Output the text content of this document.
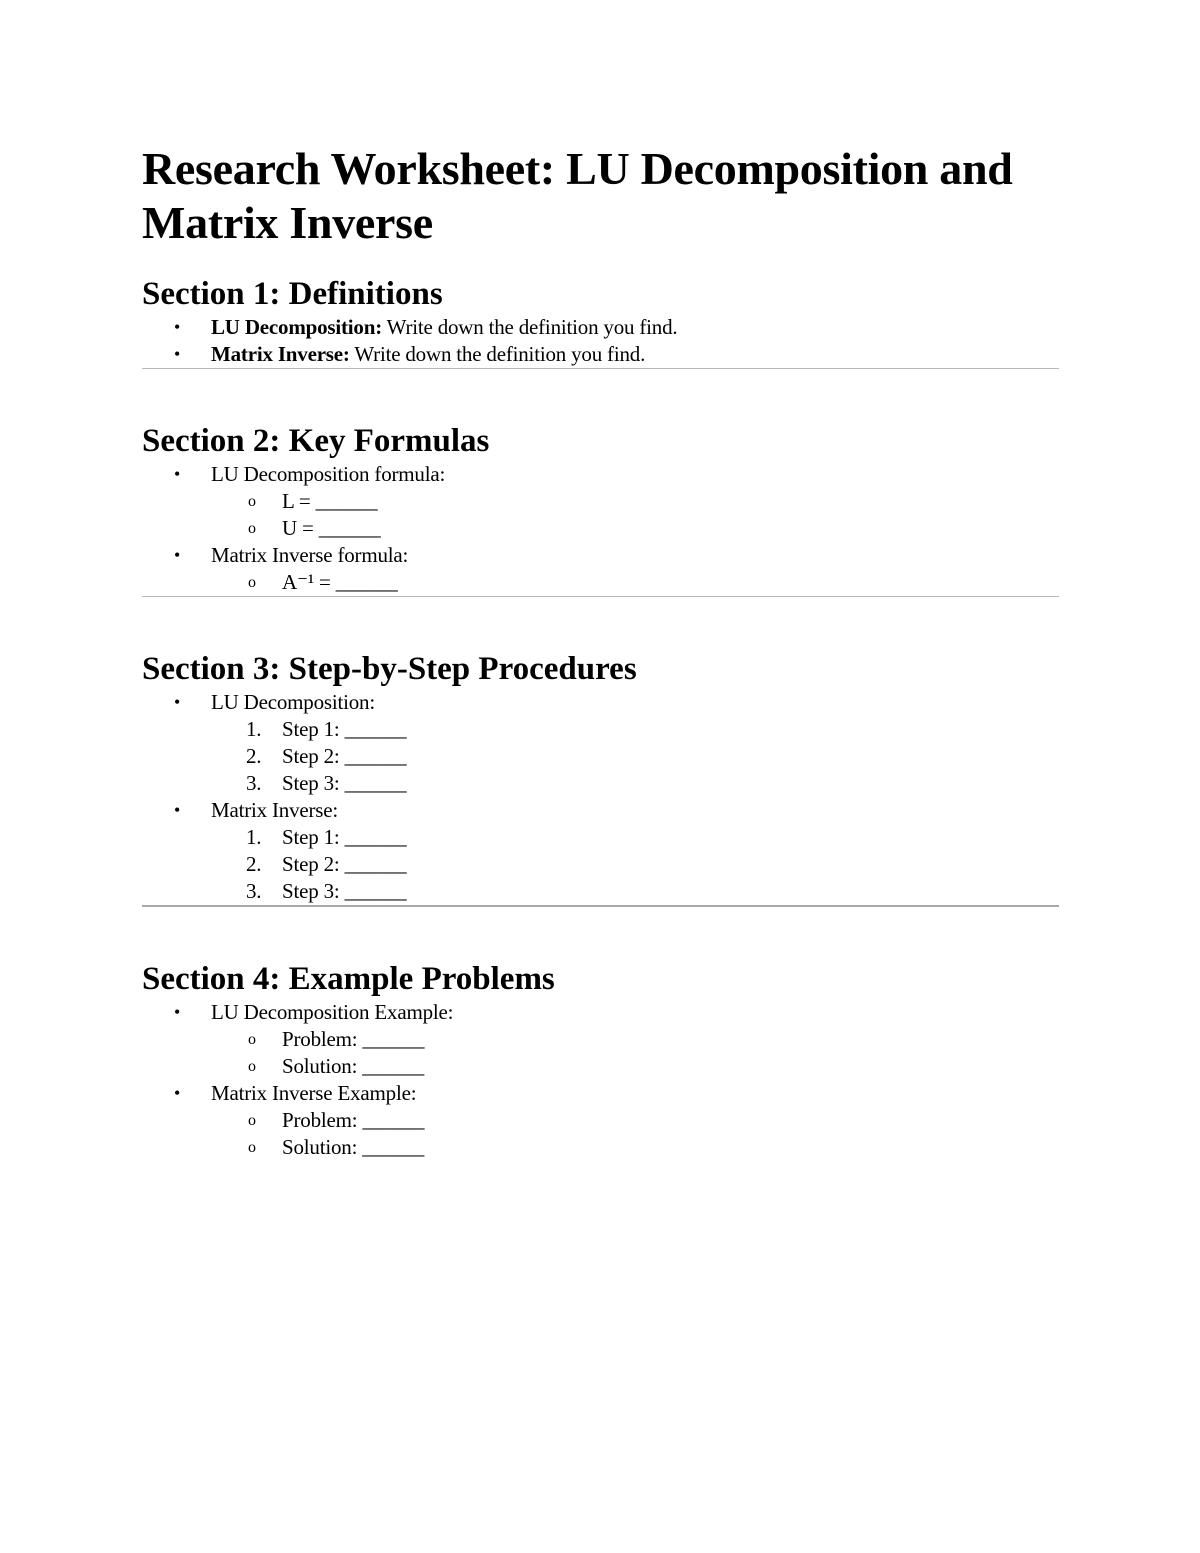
Research Worksheet: LU Decomposition and Matrix Inverse
Section 1: Definitions
• LU Decomposition: Write down the definition you find.
• Matrix Inverse: Write down the definition you find.
Section 2: Key Formulas
• LU Decomposition formula:
o L = ______
o U = ______
• Matrix Inverse formula:
o A⁻¹ = ______
Section 3: Step-by-Step Procedures
• LU Decomposition:
1. Step 1: ______
2. Step 2: ______
3. Step 3: ______
• Matrix Inverse:
1. Step 1: ______
2. Step 2: ______
3. Step 3: ______
Section 4: Example Problems
• LU Decomposition Example:
o Problem: ______
o Solution: ______
• Matrix Inverse Example:
o Problem: ______
o Solution: ______
